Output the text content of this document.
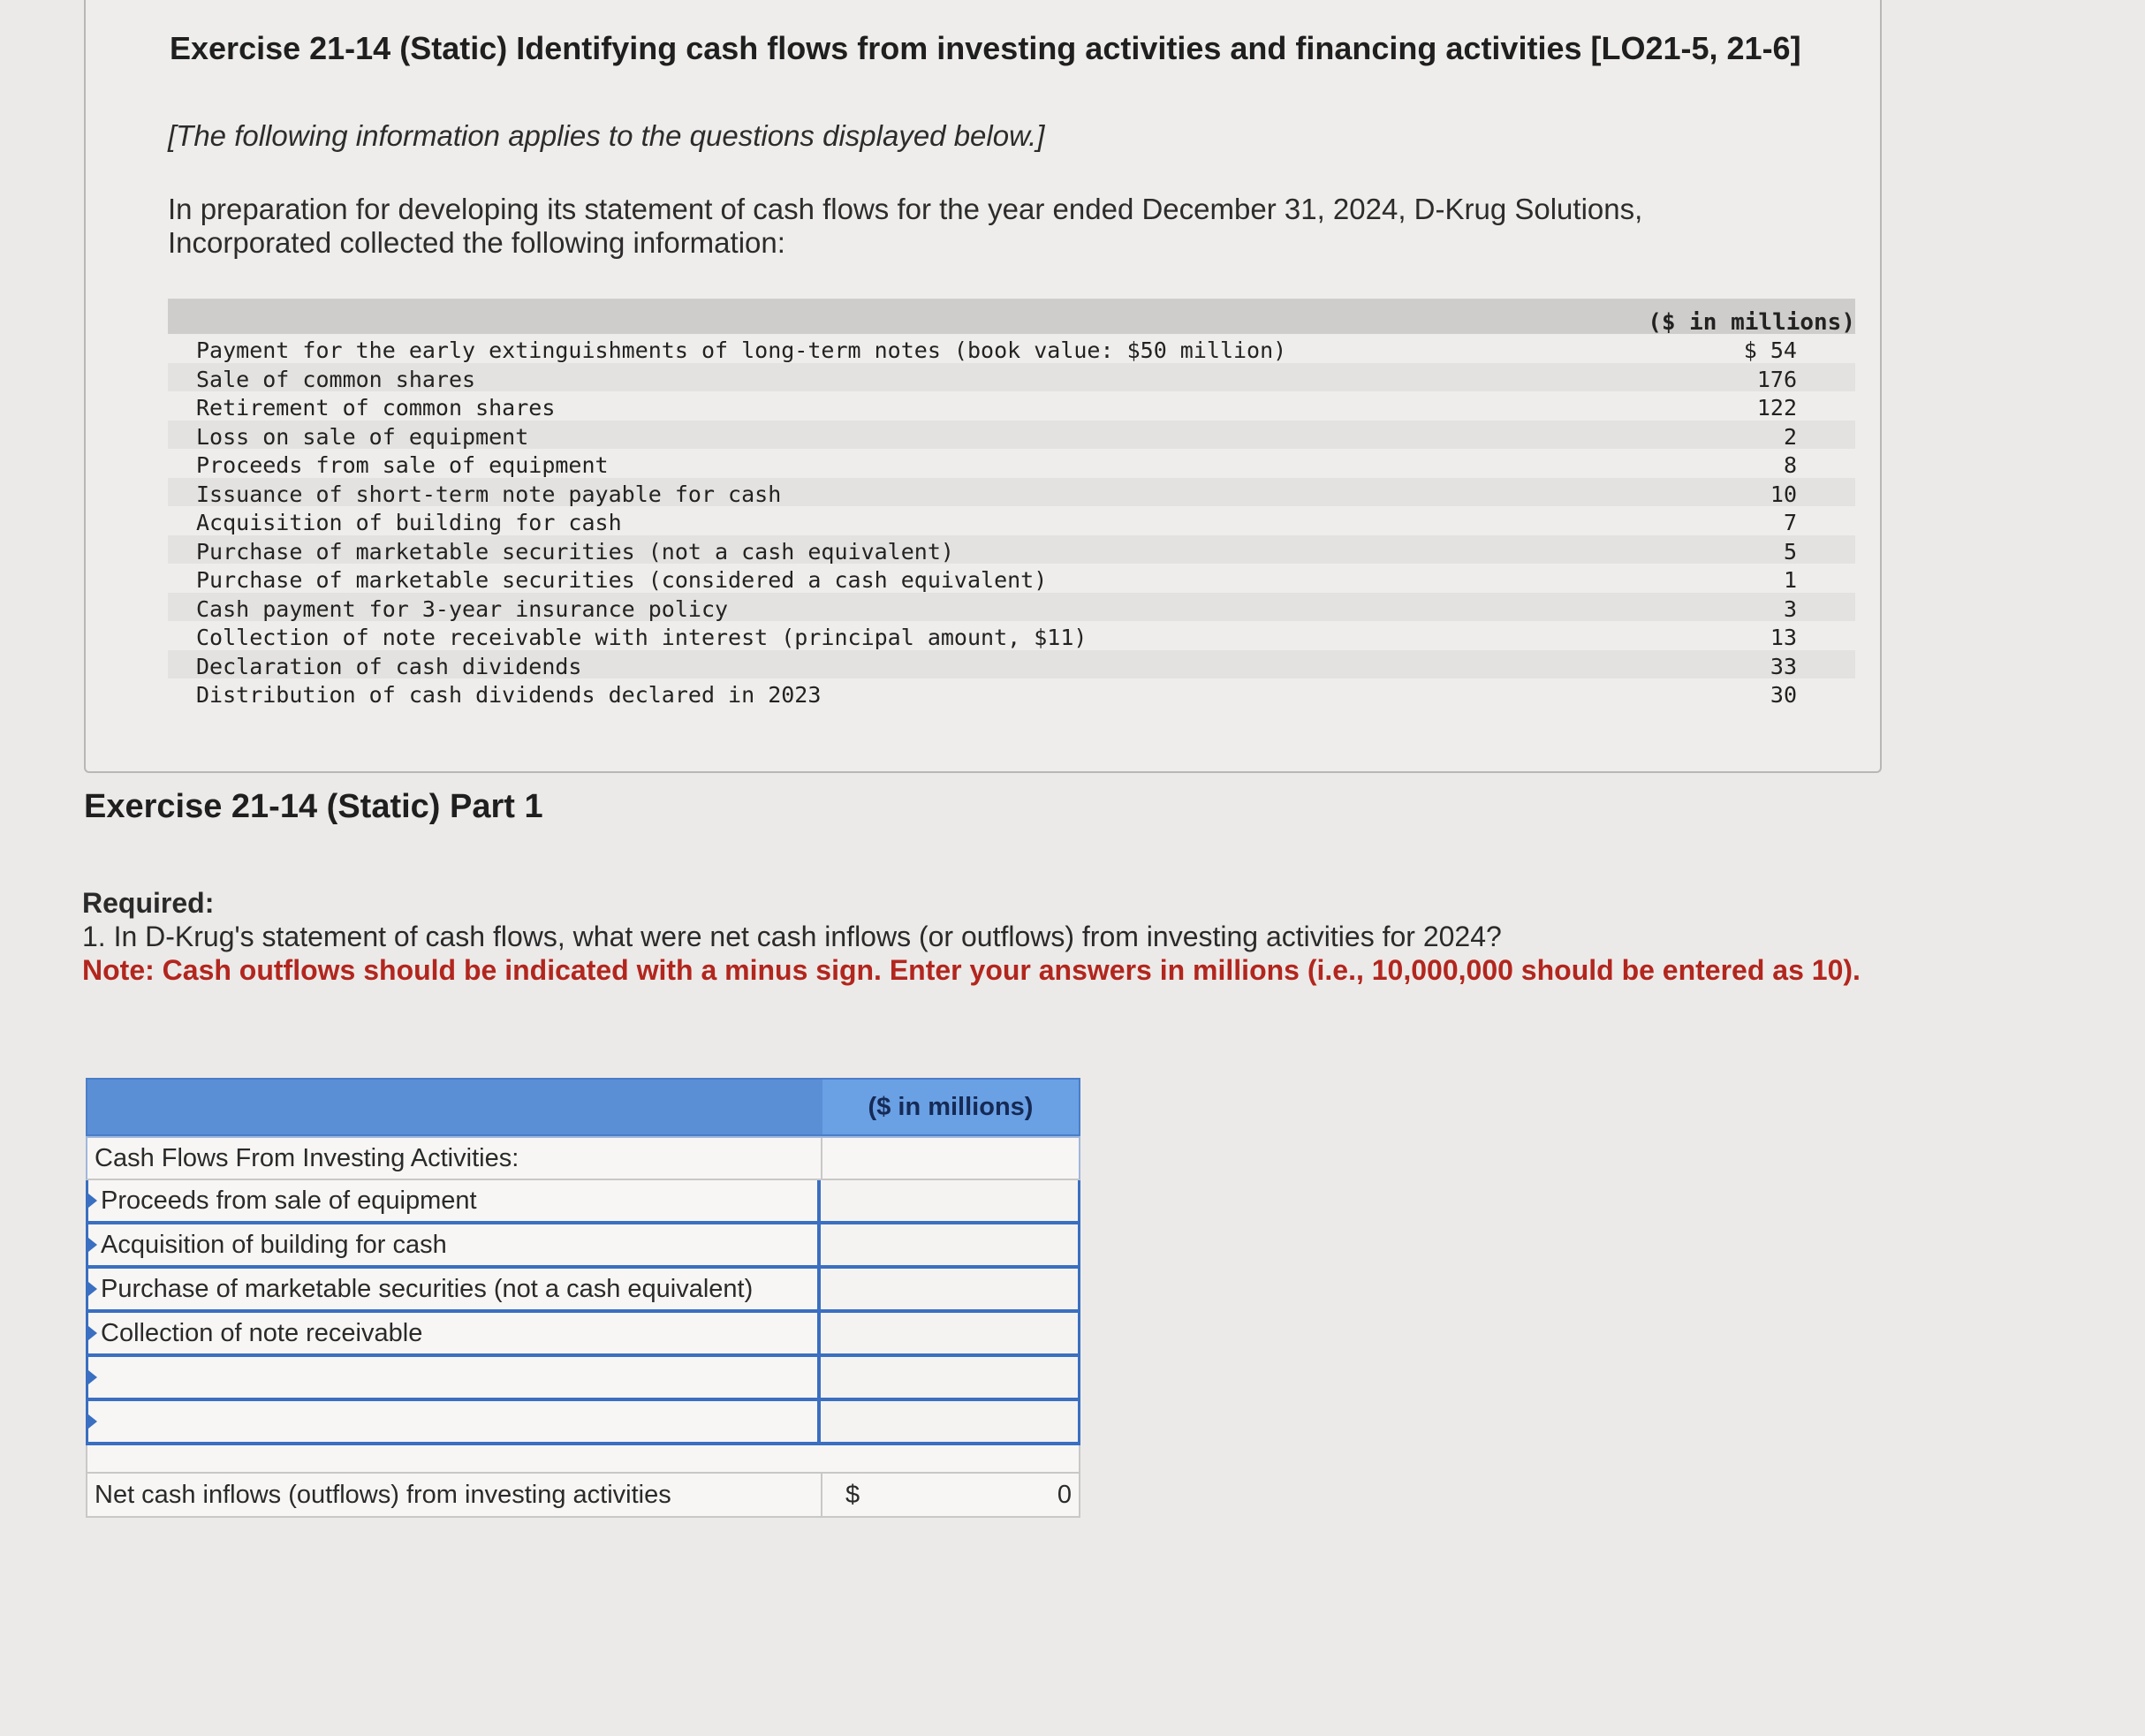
Exercise 21-14 (Static) Identifying cash flows from investing activities and financing activities [LO21-5, 21-6]
[The following information applies to the questions displayed below.]
In preparation for developing its statement of cash flows for the year ended December 31, 2024, D-Krug Solutions, Incorporated collected the following information:
($ in millions)
Payment for the early extinguishments of long-term notes (book value: $50 million)	$ 54
Sale of common shares	176
Retirement of common shares	122
Loss on sale of equipment	2
Proceeds from sale of equipment	8
Issuance of short-term note payable for cash	10
Acquisition of building for cash	7
Purchase of marketable securities (not a cash equivalent)	5
Purchase of marketable securities (considered a cash equivalent)	1
Cash payment for 3-year insurance policy	3
Collection of note receivable with interest (principal amount, $11)	13
Declaration of cash dividends	33
Distribution of cash dividends declared in 2023	30
Exercise 21-14 (Static) Part 1
Required:
1. In D-Krug's statement of cash flows, what were net cash inflows (or outflows) from investing activities for 2024?
Note: Cash outflows should be indicated with a minus sign. Enter your answers in millions (i.e., 10,000,000 should be entered as 10).
($ in millions)
Cash Flows From Investing Activities:
Proceeds from sale of equipment
Acquisition of building for cash
Purchase of marketable securities (not a cash equivalent)
Collection of note receivable
Net cash inflows (outflows) from investing activities	$	0
